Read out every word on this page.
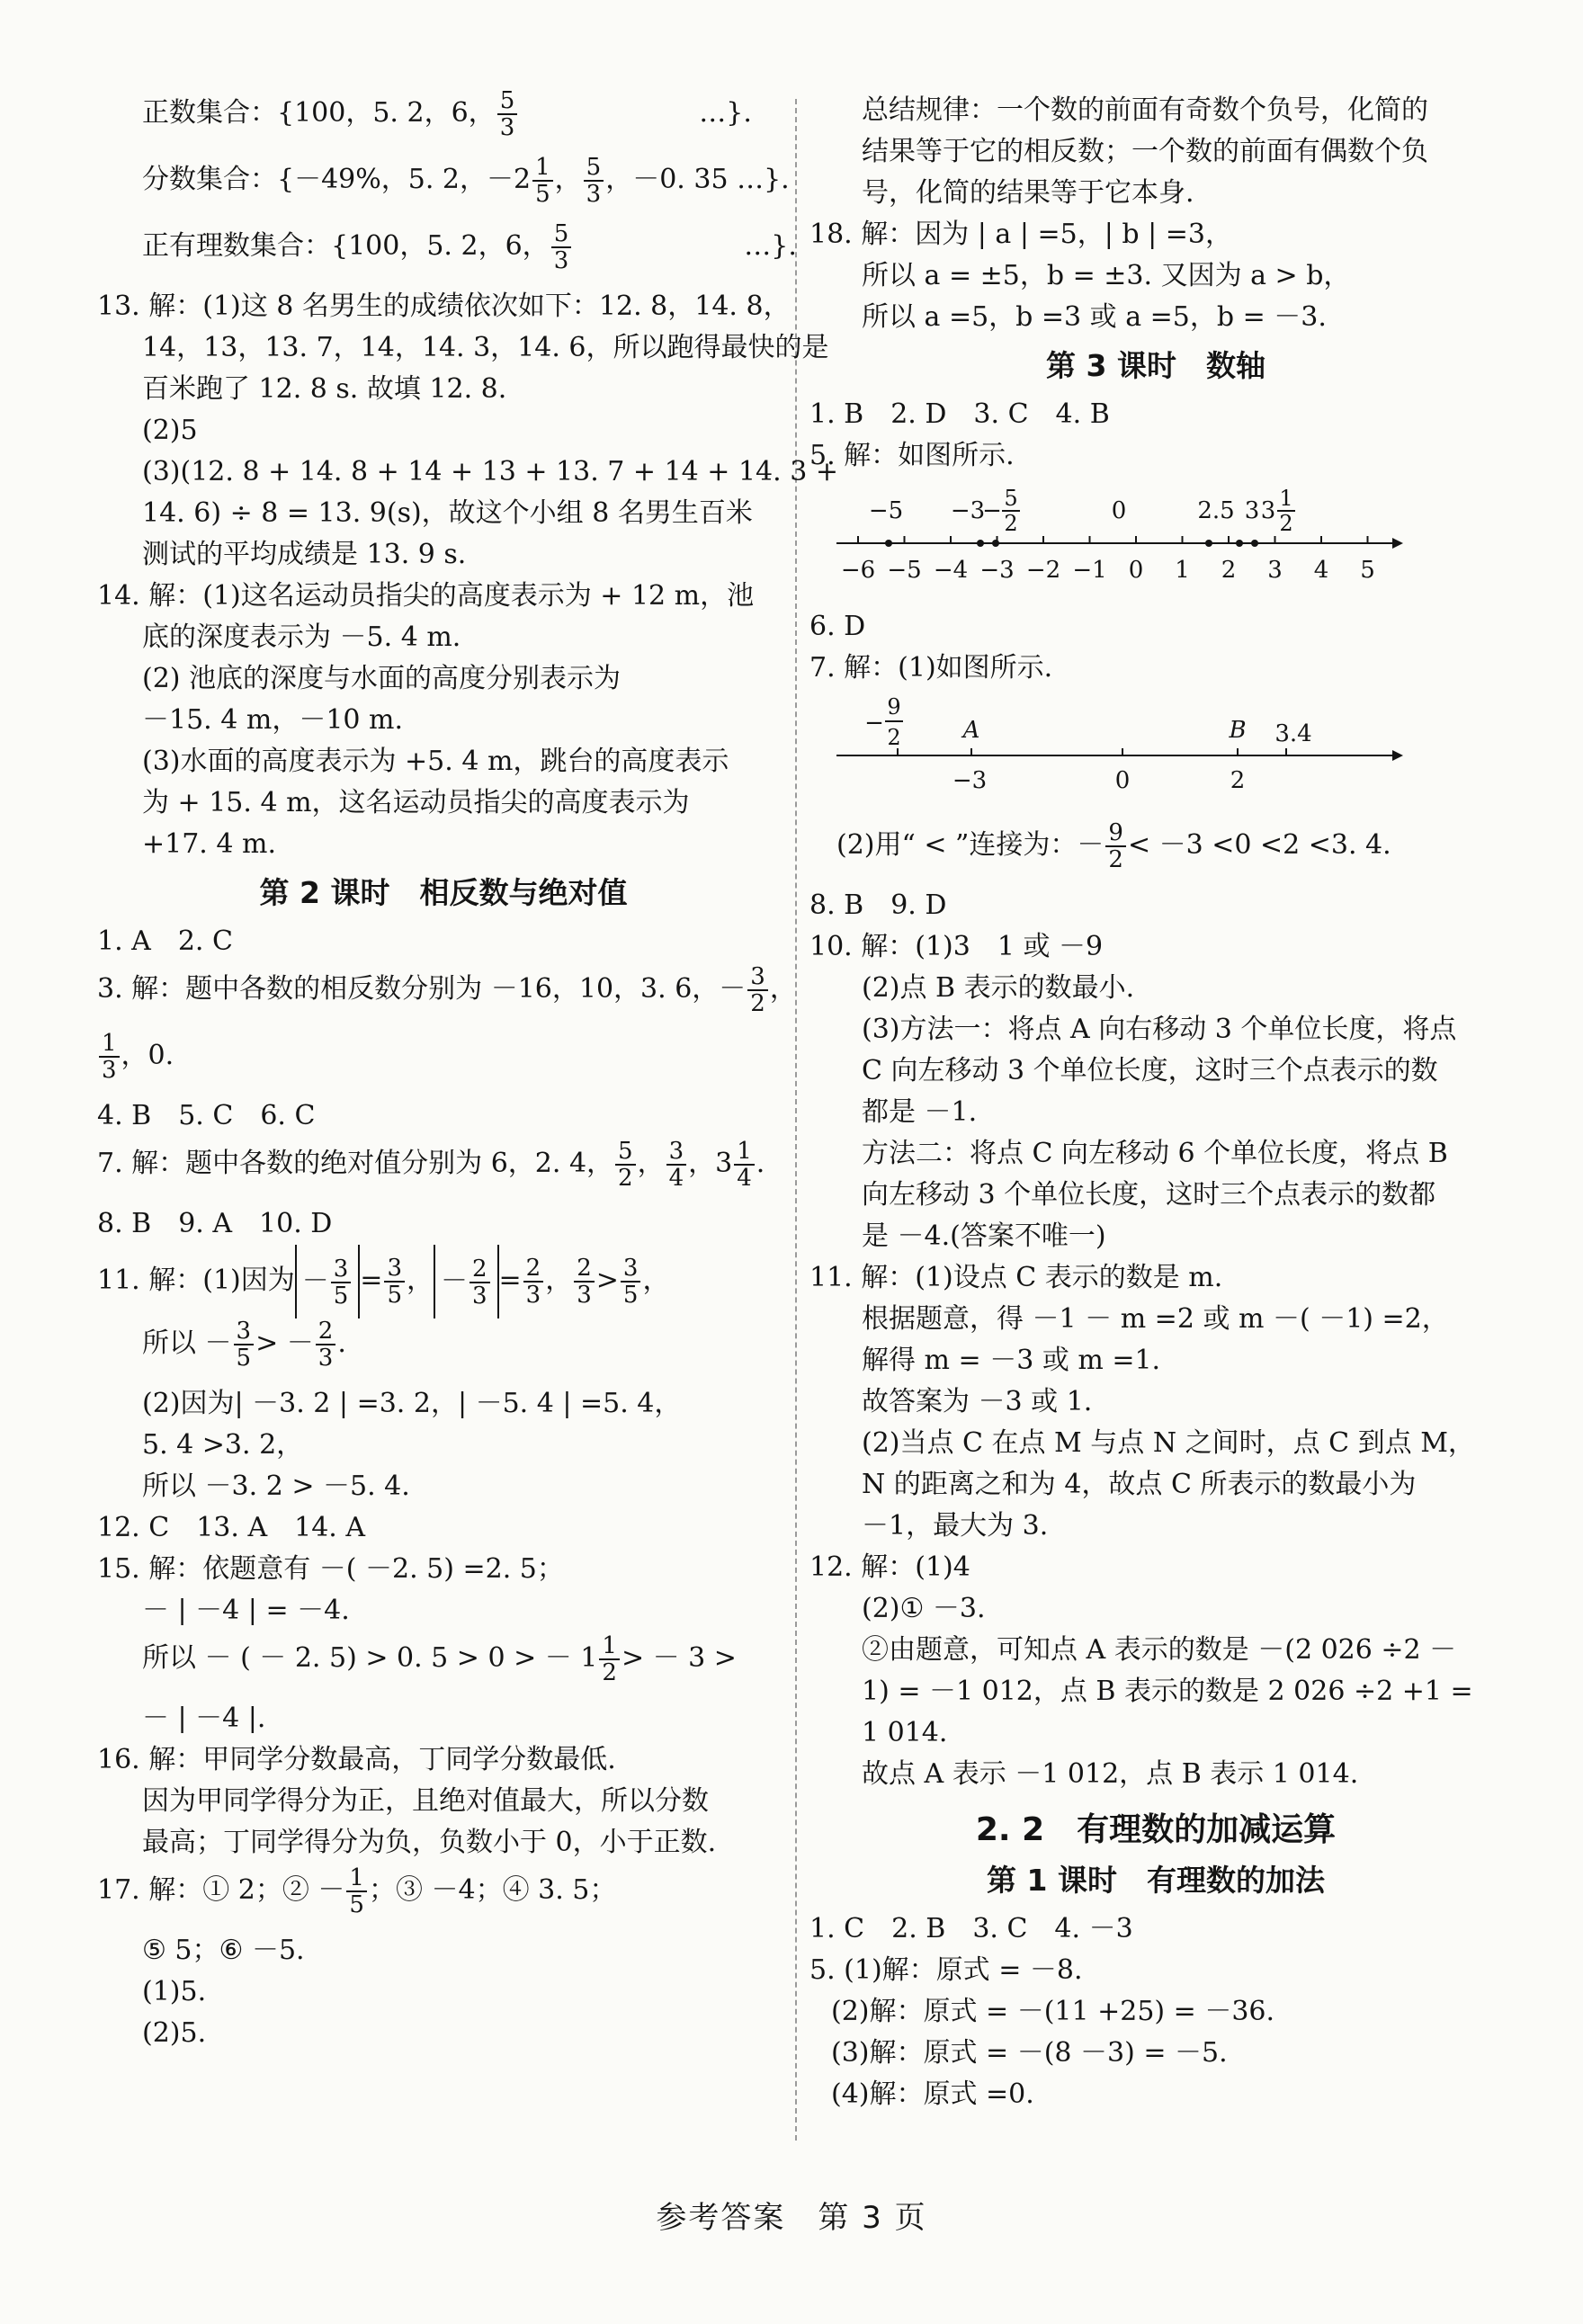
正数集合：{100，5. 2，6， $\frac{5}{3}$	…}.
分数集合：{－49%，5. 2，$-2 \frac{1}{5}$ ， $\frac{5}{3}$ ，－0. 35 …}.
正有理数集合：{100，5. 2，6， $\frac{5}{3}$	…}.
13. 解：(1)这 8 名男生的成绩依次如下：12. 8，14. 8，
14，13，13. 7，14，14. 3，14. 6，所以跑得最快的是
百米跑了 12. 8 s. 故填 12. 8.
(2)5
(3)(12. 8 + 14. 8 + 14 + 13 + 13. 7 + 14 + 14. 3 +
14. 6) ÷ 8 = 13. 9(s)，故这个小组 8 名男生百米
测试的平均成绩是 13. 9 s.
14. 解：(1)这名运动员指尖的高度表示为 + 12 m，池
底的深度表示为 －5. 4 m.
(2) 池底的深度与水面的高度分别表示为
－15. 4 m，－10 m.
(3)水面的高度表示为 +5. 4 m，跳台的高度表示
为 + 15. 4 m，这名运动员指尖的高度表示为
+17. 4 m.
第 2 课时　相反数与绝对值
1. A　2. C
3. 解：题中各数的相反数分别为 －16，10，3. 6，－ $\frac{3}{2}$ ，
$\frac{1}{3}$ ，0.
4. B　5. C　6. C
7. 解：题中各数的绝对值分别为 6，2. 4， $\frac{5}{2}$ ， $\frac{3}{4}$ ，$3 \frac{1}{4}$ .
8. B　9. A　10. D
11. 解：(1)因为 － $\frac{3}{5} = \frac{3}{5}$ ， － $\frac{2}{3} = \frac{2}{3}$ ， $\frac{2}{3} > \frac{3}{5}$ ，
所以 － $\frac{3}{5}$ > － $\frac{2}{3}$ .
(2)因为| －3. 2 | =3. 2，| －5. 4 | =5. 4，
5. 4 >3. 2，
所以 －3. 2 > －5. 4.
12. C　13. A　14. A
15. 解：依题意有 －( －2. 5) =2. 5；
－ | －4 | = －4.
所以 － ( － 2. 5) > 0. 5 > 0 > － $1 \frac{1}{2}$ > － 3 >
－ | －4 |.
16. 解：甲同学分数最高，丁同学分数最低.
因为甲同学得分为正，且绝对值最大，所以分数
最高；丁同学得分为负，负数小于 0，小于正数.
17. 解：① 2；② － $\frac{1}{5}$ ；③ －4；④ 3. 5；
⑤ 5；⑥ －5.
(1)5.
(2)5.
总结规律：一个数的前面有奇数个负号，化简的
结果等于它的相反数；一个数的前面有偶数个负
号，化简的结果等于它本身.
18. 解：因为 | a | =5，| b | =3，
所以 a = ±5，b = ±3. 又因为 a > b，
所以 a =5，b =3 或 a =5，b = －3.
第 3 课时　数轴
1. B　2. D　3. C　4. B
5. 解：如图所示.
−6 −5 −4 −3 −2 −1 0 1 2 3 4 5
−5 −3
− 5
2	0	2.5 3 3 1
2
6. D
7. 解：(1)如图所示.
−
9
2	A	B 3.4
−3	0	2
(2)用“ < ”连接为：－ $\frac{9}{2} < -3 <0 <2 <3$. 4.
8. B　9. D
10. 解：(1)3　1 或 －9
(2)点 B 表示的数最小.
(3)方法一：将点 A 向右移动 3 个单位长度，将点
C 向左移动 3 个单位长度，这时三个点表示的数
都是 －1.
方法二：将点 C 向左移动 6 个单位长度，将点 B
向左移动 3 个单位长度，这时三个点表示的数都
是 －4.(答案不唯一)
11. 解：(1)设点 C 表示的数是 m.
根据题意，得 －1 － m =2 或 m －( －1) =2，
解得 m = －3 或 m =1.
故答案为 －3 或 1.
(2)当点 C 在点 M 与点 N 之间时，点 C 到点 M，
N 的距离之和为 4，故点 C 所表示的数最小为
－1，最大为 3.
12. 解：(1)4
(2)① －3.
②由题意，可知点 A 表示的数是 －(2 026 ÷2 －
1) = －1 012，点 B 表示的数是 2 026 ÷2 +1 =
1 014.
故点 A 表示 －1 012，点 B 表示 1 014.
2. 2　有理数的加减运算
第 1 课时　有理数的加法
1. C　2. B　3. C　4. －3
5. (1)解：原式 = －8.
(2)解：原式 = －(11 +25) = －36.
(3)解：原式 = －(8 －3) = －5.
(4)解：原式 =0.
参考答案　第 3 页
